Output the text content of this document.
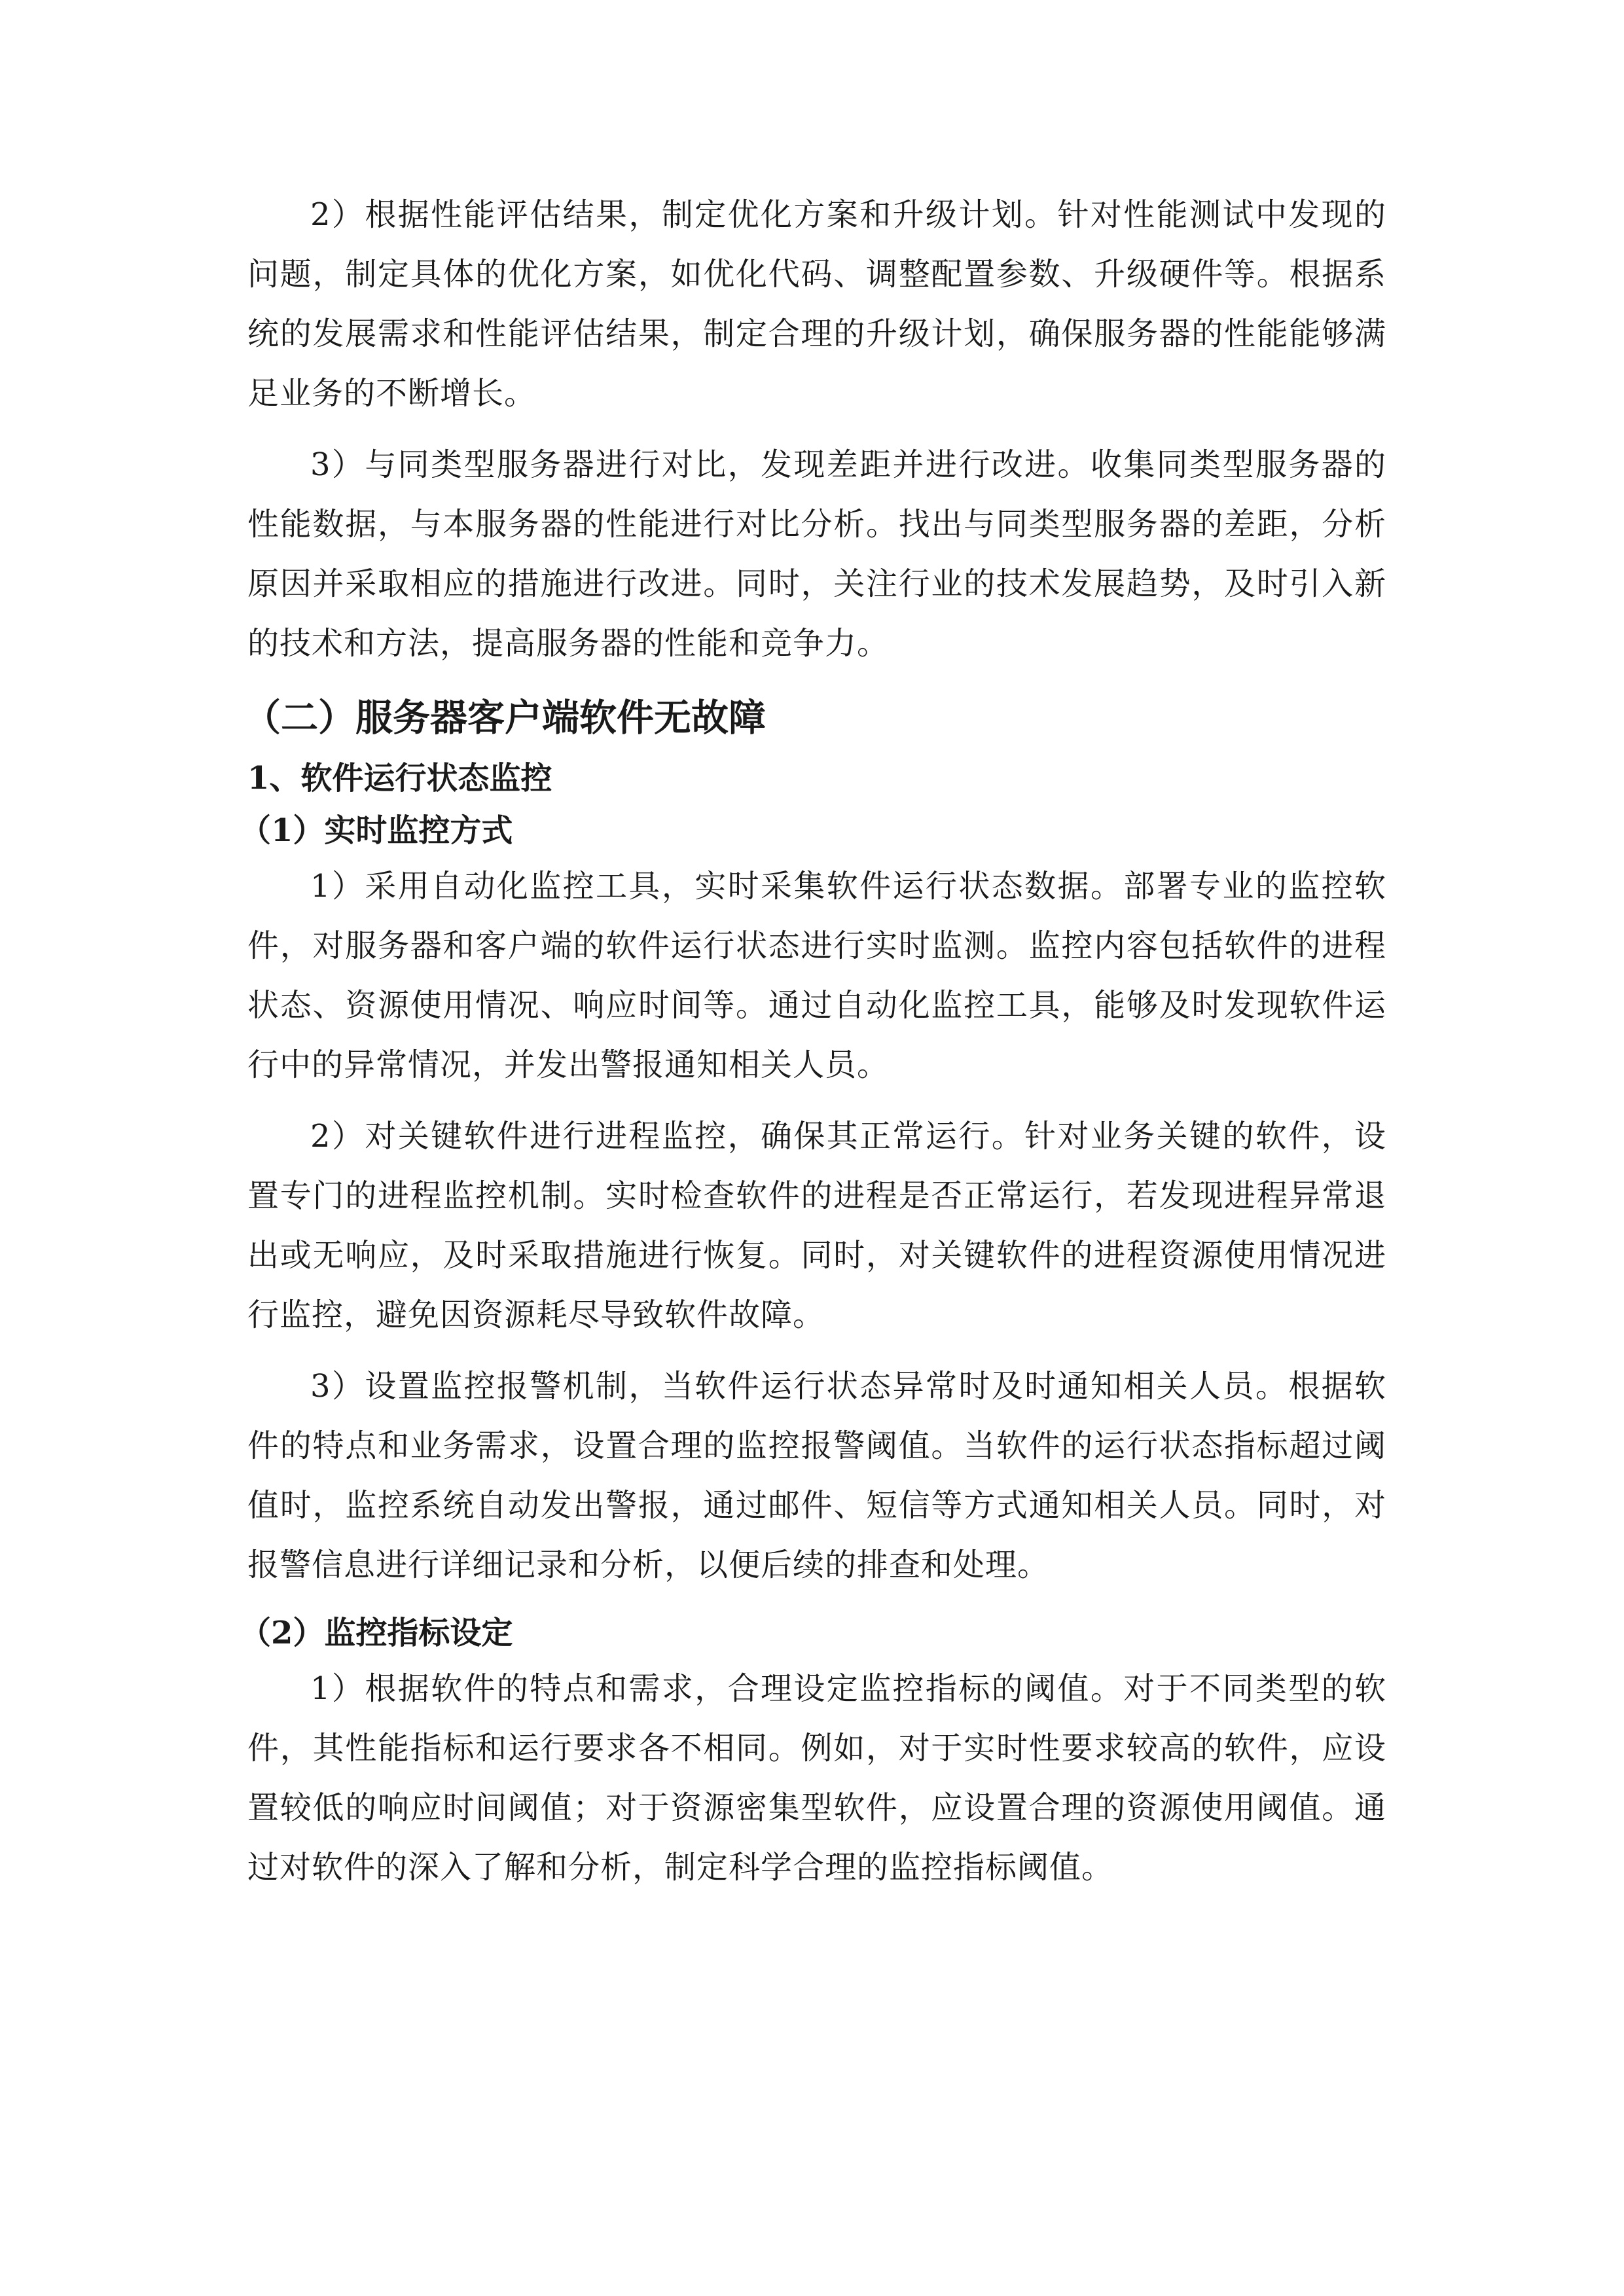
2）根据性能评估结果，制定优化方案和升级计划。针对性能测试中发现的问题，制定具体的优化方案，如优化代码、调整配置参数、升级硬件等。根据系统的发展需求和性能评估结果，制定合理的升级计划，确保服务器的性能能够满足业务的不断增长。

3）与同类型服务器进行对比，发现差距并进行改进。收集同类型服务器的性能数据，与本服务器的性能进行对比分析。找出与同类型服务器的差距，分析原因并采取相应的措施进行改进。同时，关注行业的技术发展趋势，及时引入新的技术和方法，提高服务器的性能和竞争力。

（二）服务器客户端软件无故障
1、软件运行状态监控
（1）实时监控方式

1）采用自动化监控工具，实时采集软件运行状态数据。部署专业的监控软件，对服务器和客户端的软件运行状态进行实时监测。监控内容包括软件的进程状态、资源使用情况、响应时间等。通过自动化监控工具，能够及时发现软件运行中的异常情况，并发出警报通知相关人员。

2）对关键软件进行进程监控，确保其正常运行。针对业务关键的软件，设置专门的进程监控机制。实时检查软件的进程是否正常运行，若发现进程异常退出或无响应，及时采取措施进行恢复。同时，对关键软件的进程资源使用情况进行监控，避免因资源耗尽导致软件故障。

3）设置监控报警机制，当软件运行状态异常时及时通知相关人员。根据软件的特点和业务需求，设置合理的监控报警阈值。当软件的运行状态指标超过阈值时，监控系统自动发出警报，通过邮件、短信等方式通知相关人员。同时，对报警信息进行详细记录和分析，以便后续的排查和处理。

（2）监控指标设定

1）根据软件的特点和需求，合理设定监控指标的阈值。对于不同类型的软件，其性能指标和运行要求各不相同。例如，对于实时性要求较高的软件，应设置较低的响应时间阈值；对于资源密集型软件，应设置合理的资源使用阈值。通过对软件的深入了解和分析，制定科学合理的监控指标阈值。
